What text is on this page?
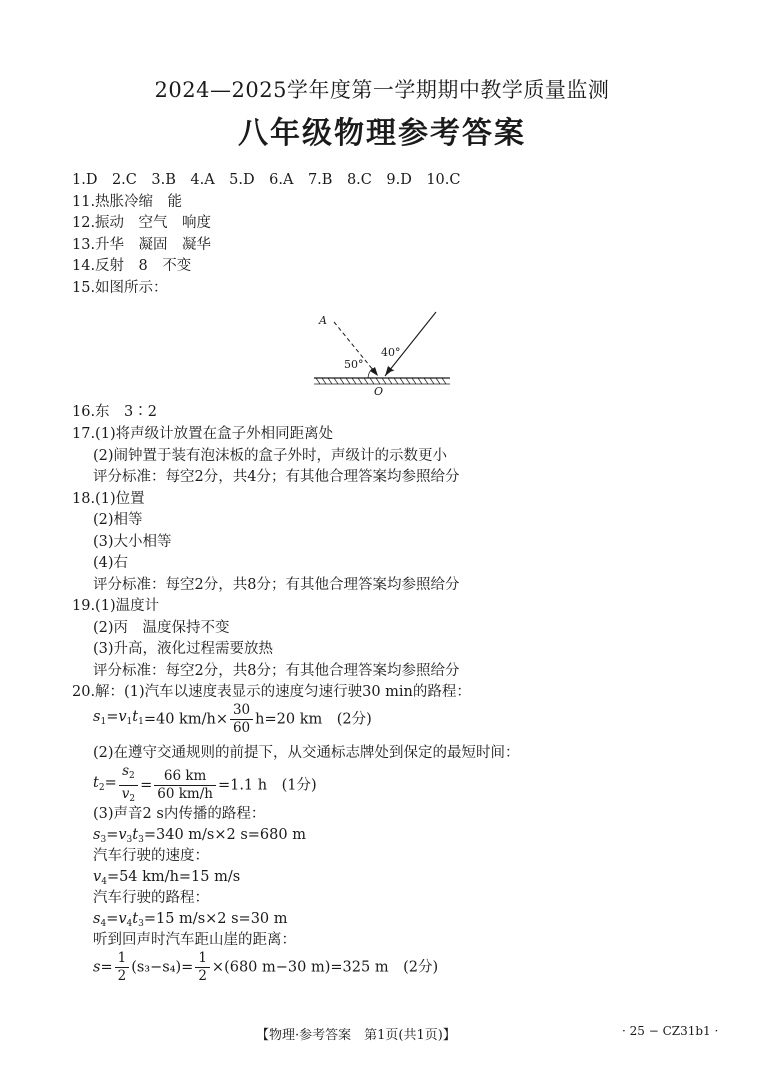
2024—2025学年度第一学期期中教学质量监测
八年级物理参考答案
1.D　2.C　3.B　4.A　5.D　6.A　7.B　8.C　9.D　10.C
11.热胀冷缩　能
12.振动　空气　响度
13.升华　凝固　凝华
14.反射　8　不变
15.如图所示：
A
50°
40°
O
16.东　3∶2
17.(1)将声级计放置在盒子外相同距离处
(2)闹钟置于装有泡沫板的盒子外时，声级计的示数更小
评分标准：每空2分，共4分；有其他合理答案均参照给分
18.(1)位置
(2)相等
(3)大小相等
(4)右
评分标准：每空2分，共8分；有其他合理答案均参照给分
19.(1)温度计
(2)丙　温度保持不变
(3)升高，液化过程需要放热
评分标准：每空2分，共8分；有其他合理答案均参照给分
20.解：(1)汽车以速度表显示的速度匀速行驶30 min的路程：
$s_1=v_1t_1=40$ $km/h\times \frac{30}{60} h=20$ km　(2分)
(2)在遵守交通规则的前提下，从交通标志牌处到保定的最短时间：
$t_2= \frac{s_2}{v_2} = \frac{66 km}{60 km/h} =1.1$ h　(1分)
(3)声音2 s内传播的路程：
$s_3=v_3t_3=340$ m/s×2 s=680 m
汽车行驶的速度：
$v_4=54$ km/h=15 m/s
汽车行驶的路程：
$s_4=v_4t_3=15$ m/s×2 s=30 m
听到回声时汽车距山崖的距离：
$s= \frac{1}{2} (s_3-s_4)= \frac{1}{2} \times(680$ m−30 m)=325 m　(2分)
【物理·参考答案　第1页(共1页)】	· 25 − CZ31b1 ·
